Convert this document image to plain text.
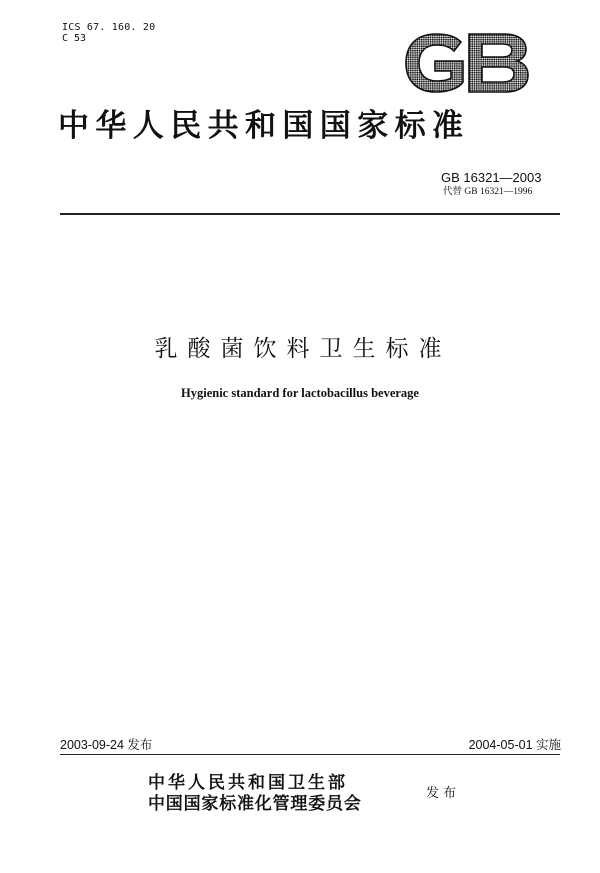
ICS 67. 160. 20
C 53
GB
中华人民共和国国家标准
GB 16321—2003
代替 GB 16321—1996
乳酸菌饮料卫生标准
Hygienic standard for lactobacillus beverage
2003-09-24 发布	2004-05-01 实施
中华人民共和国卫生部
中国国家标准化管理委员会
发布
